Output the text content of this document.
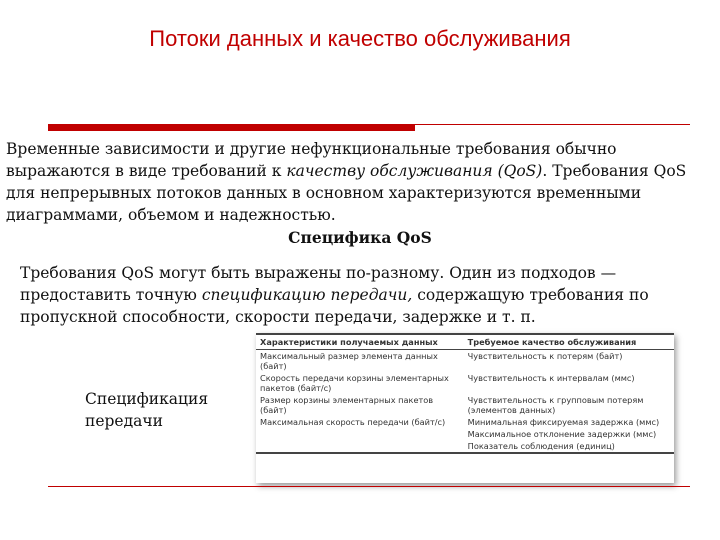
Потоки данных и качество обслуживания
Временные зависимости и другие нефункциональные требования обычно выражаются в виде требований к качеству обслуживания (QoS). Требования QoS для непрерывных потоков данных в основном характеризуются временными диаграммами, объемом и надежностью.
Специфика QoS
Требования QoS могут быть выражены по-разному. Один из подходов — предоставить точную спецификацию передачи, содержащую требования по пропускной способности, скорости передачи, задержке и т. п.
Спецификация передачи
Характеристики получаемых данных	Требуемое качество обслуживания
Максимальный размер элемента данных (байт)	Чувствительность к потерям (байт)
Скорость передачи корзины элементарных пакетов (байт/с)	Чувствительность к интервалам (ммс)
Размер корзины элементарных пакетов (байт)	Чувствительность к групповым потерям (элементов данных)
Максимальная скорость передачи (байт/с)	Минимальная фиксируемая задержка (ммс)
	Максимальное отклонение задержки (ммс)
	Показатель соблюдения (единиц)
